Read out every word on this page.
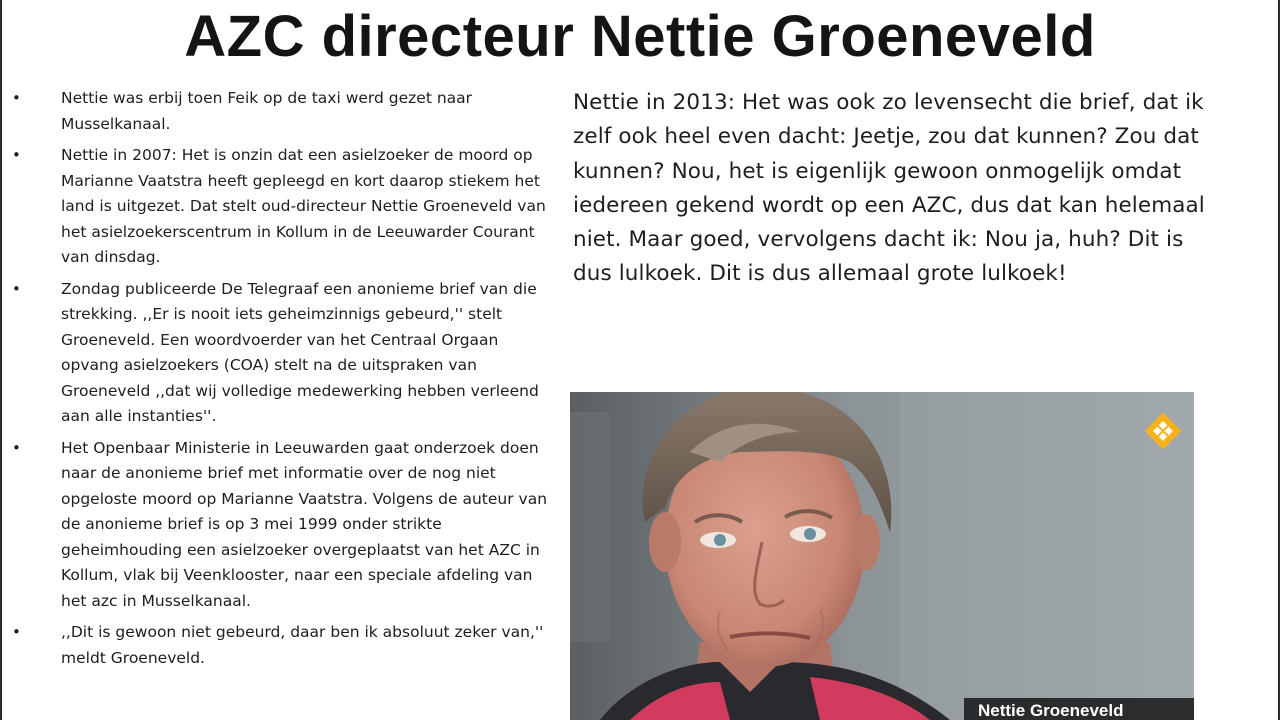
AZC directeur Nettie Groeneveld
•	Nettie was erbij toen Feik op de taxi werd gezet naar Musselkanaal.
•	Nettie in 2007: Het is onzin dat een asielzoeker de moord op Marianne Vaatstra heeft gepleegd en kort daarop stiekem het land is uitgezet. Dat stelt oud-directeur Nettie Groeneveld van het asielzoekerscentrum in Kollum in de Leeuwarder Courant van dinsdag.
•	Zondag publiceerde De Telegraaf een anonieme brief van die strekking. ,,Er is nooit iets geheimzinnigs gebeurd,'' stelt Groeneveld. Een woordvoerder van het Centraal Orgaan opvang asielzoekers (COA) stelt na de uitspraken van Groeneveld ,,dat wij volledige medewerking hebben verleend aan alle instanties''.
•	Het Openbaar Ministerie in Leeuwarden gaat onderzoek doen naar de anonieme brief met informatie over de nog niet opgeloste moord op Marianne Vaatstra. Volgens de auteur van de anonieme brief is op 3 mei 1999 onder strikte geheimhouding een asielzoeker overgeplaatst van het AZC in Kollum, vlak bij Veenklooster, naar een speciale afdeling van het azc in Musselkanaal.
•	,,Dit is gewoon niet gebeurd, daar ben ik absoluut zeker van,'' meldt Groeneveld.

Nettie in 2013: Het was ook zo levensecht die brief, dat ik zelf ook heel even dacht: Jeetje, zou dat kunnen? Zou dat kunnen? Nou, het is eigenlijk gewoon onmogelijk omdat iedereen gekend wordt op een AZC, dus dat kan helemaal niet. Maar goed, vervolgens dacht ik: Nou ja, huh? Dit is dus lulkoek. Dit is dus allemaal grote lulkoek!

Nettie Groeneveld
